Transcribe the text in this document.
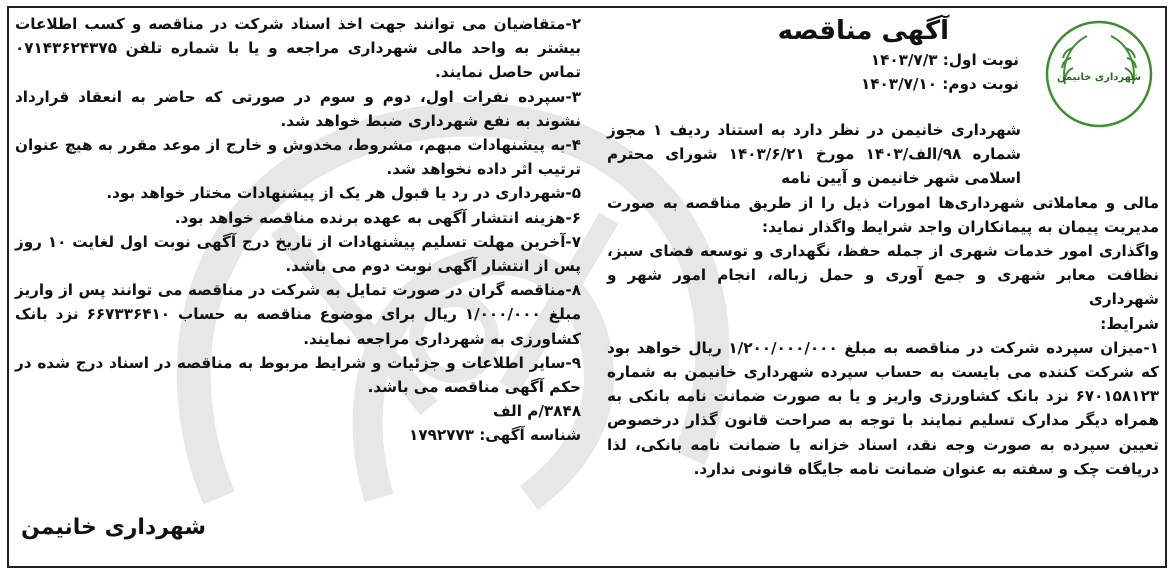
شهرداری خانیمن
آگهی مناقصه
نوبت اول: ۱۴۰۳/۷/۳
نوبت دوم: ۱۴۰۳/۷/۱۰

شهرداری خانیمن در نظر دارد به استناد ردیف ۱ مجوز شماره ۹۸/الف/۱۴۰۳ مورخ ۱۴۰۳/۶/۲۱ شورای محترم اسلامی شهر خانیمن و آیین نامه

مالی و معاملاتی شهرداری‌ها امورات ذیل را از طریق مناقصه به صورت مدیریت پیمان به پیمانکاران واجد شرایط واگذار نماید:

واگذاری امور خدمات شهری از جمله حفظ، نگهداری و توسعه فضای سبز، نظافت معابر شهری و جمع آوری و حمل زباله، انجام امور شهر و شهرداری

شرایط:

۱-میزان سپرده شرکت در مناقصه به مبلغ ۱/۲۰۰/۰۰۰/۰۰۰ ریال خواهد بود که شرکت کننده می بایست به حساب سپرده شهرداری خانیمن به شماره ۶۷۰۱۵۸۱۲۳ نزد بانک کشاورزی واریز و یا به صورت ضمانت نامه بانکی به همراه دیگر مدارک تسلیم نمایند با توجه به صراحت قانون گذار درخصوص تعیین سپرده به صورت وجه نقد، اسناد خزانه یا ضمانت نامه بانکی، لذا دریافت چک و سفته به عنوان ضمانت نامه جایگاه قانونی ندارد.

۲-متقاضیان می توانند جهت اخذ اسناد شرکت در مناقصه و کسب اطلاعات بیشتر به واحد مالی شهرداری مراجعه و یا با شماره تلفن ۰۷۱۴۳۶۲۴۳۷۵ تماس حاصل نمایند.

۳-سپرده نفرات اول، دوم و سوم در صورتی که حاضر به انعقاد قرارداد نشوند به نفع شهرداری ضبط خواهد شد.

۴-به پیشنهادات مبهم، مشروط، مخدوش و خارج از موعد مقرر به هیچ عنوان ترتیب اثر داده نخواهد شد.

۵-شهرداری در رد یا قبول هر یک از پیشنهادات مختار خواهد بود.

۶-هزینه انتشار آگهی به عهده برنده مناقصه خواهد بود.

۷-آخرین مهلت تسلیم پیشنهادات از تاریخ درج آگهی نوبت اول لغایت ۱۰ روز پس از انتشار آگهی نوبت دوم می باشد.

۸-مناقصه گران در صورت تمایل به شرکت در مناقصه می توانند پس از واریز مبلغ ۱/۰۰۰/۰۰۰ ریال برای موضوع مناقصه به حساب ۶۶۷۳۳۶۴۱۰ نزد بانک کشاورزی به شهرداری مراجعه نمایند.

۹-سایر اطلاعات و جزئیات و شرایط مربوط به مناقصه در اسناد درج شده در حکم آگهی مناقصه می باشد.

۳۸۴۸/م الف

شناسه آگهی: ۱۷۹۲۷۷۳

شهرداری خانیمن
